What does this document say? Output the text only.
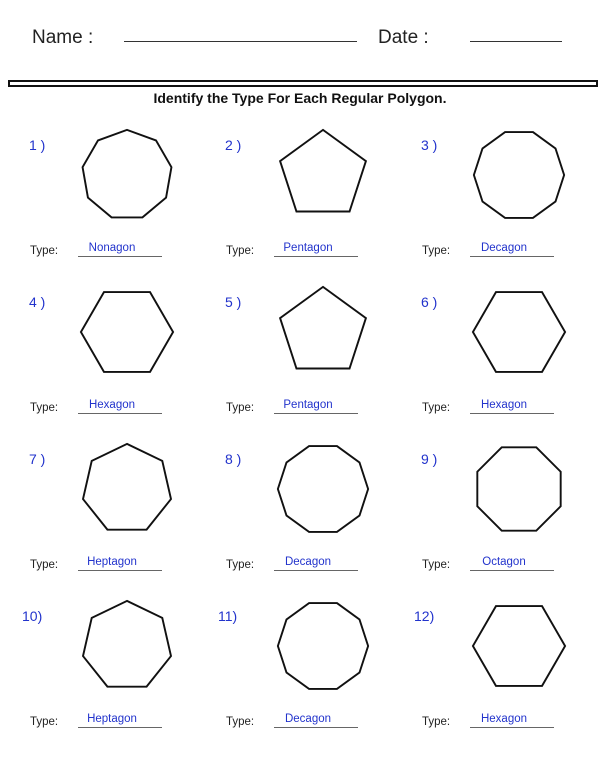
Name :	Date :
Identify the Type For Each Regular Polygon.
1 )
Type:	Nonagon
2 )
Type:	Pentagon
3 )
Type:	Decagon
4 )
Type:	Hexagon
5 )
Type:	Pentagon
6 )
Type:	Hexagon
7 )
Type:	Heptagon
8 )
Type:	Decagon
9 )
Type:	Octagon
10)
Type:	Heptagon
11)
Type:	Decagon
12)
Type:	Hexagon
